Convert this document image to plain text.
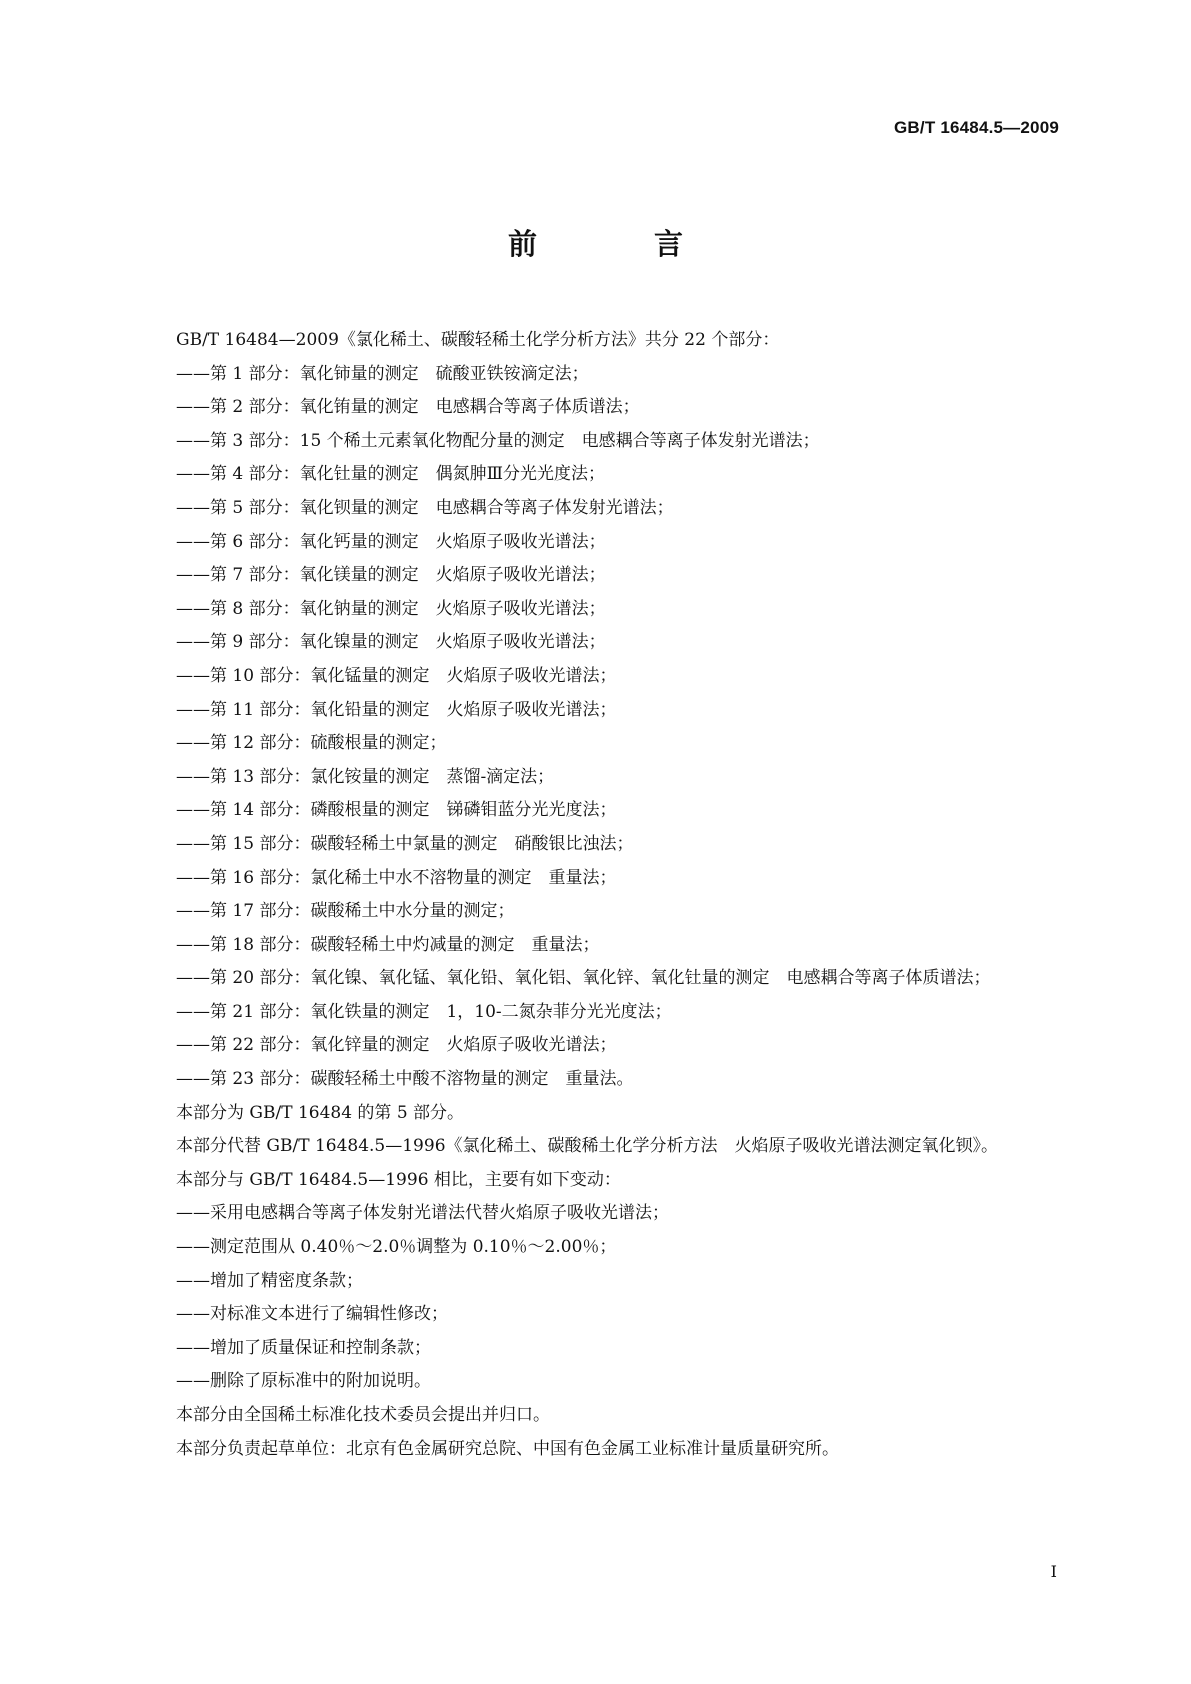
GB/T 16484.5—2009
前　言

GB/T 16484—2009《氯化稀土、碳酸轻稀土化学分析方法》共分 22 个部分：

——第 1 部分：氧化铈量的测定　硫酸亚铁铵滴定法；

——第 2 部分：氧化铕量的测定　电感耦合等离子体质谱法；

——第 3 部分：15 个稀土元素氧化物配分量的测定　电感耦合等离子体发射光谱法；

——第 4 部分：氧化钍量的测定　偶氮胂Ⅲ分光光度法；

——第 5 部分：氧化钡量的测定　电感耦合等离子体发射光谱法；

——第 6 部分：氧化钙量的测定　火焰原子吸收光谱法；

——第 7 部分：氧化镁量的测定　火焰原子吸收光谱法；

——第 8 部分：氧化钠量的测定　火焰原子吸收光谱法；

——第 9 部分：氧化镍量的测定　火焰原子吸收光谱法；

——第 10 部分：氧化锰量的测定　火焰原子吸收光谱法；

——第 11 部分：氧化铅量的测定　火焰原子吸收光谱法；

——第 12 部分：硫酸根量的测定；

——第 13 部分：氯化铵量的测定　蒸馏-滴定法；

——第 14 部分：磷酸根量的测定　锑磷钼蓝分光光度法；

——第 15 部分：碳酸轻稀土中氯量的测定　硝酸银比浊法；

——第 16 部分：氯化稀土中水不溶物量的测定　重量法；

——第 17 部分：碳酸稀土中水分量的测定；

——第 18 部分：碳酸轻稀土中灼减量的测定　重量法；

——第 20 部分：氧化镍、氧化锰、氧化铅、氧化铝、氧化锌、氧化钍量的测定　电感耦合等离子体质谱法；

——第 21 部分：氧化铁量的测定　1，10-二氮杂菲分光光度法；

——第 22 部分：氧化锌量的测定　火焰原子吸收光谱法；

——第 23 部分：碳酸轻稀土中酸不溶物量的测定　重量法。

本部分为 GB/T 16484 的第 5 部分。

本部分代替 GB/T 16484.5—1996《氯化稀土、碳酸稀土化学分析方法　火焰原子吸收光谱法测定氧化钡》。

本部分与 GB/T 16484.5—1996 相比，主要有如下变动：

——采用电感耦合等离子体发射光谱法代替火焰原子吸收光谱法；

——测定范围从 0.40％～2.0％调整为 0.10％～2.00％；

——增加了精密度条款；

——对标准文本进行了编辑性修改；

——增加了质量保证和控制条款；

——删除了原标准中的附加说明。

本部分由全国稀土标准化技术委员会提出并归口。

本部分负责起草单位：北京有色金属研究总院、中国有色金属工业标准计量质量研究所。

Ⅰ
